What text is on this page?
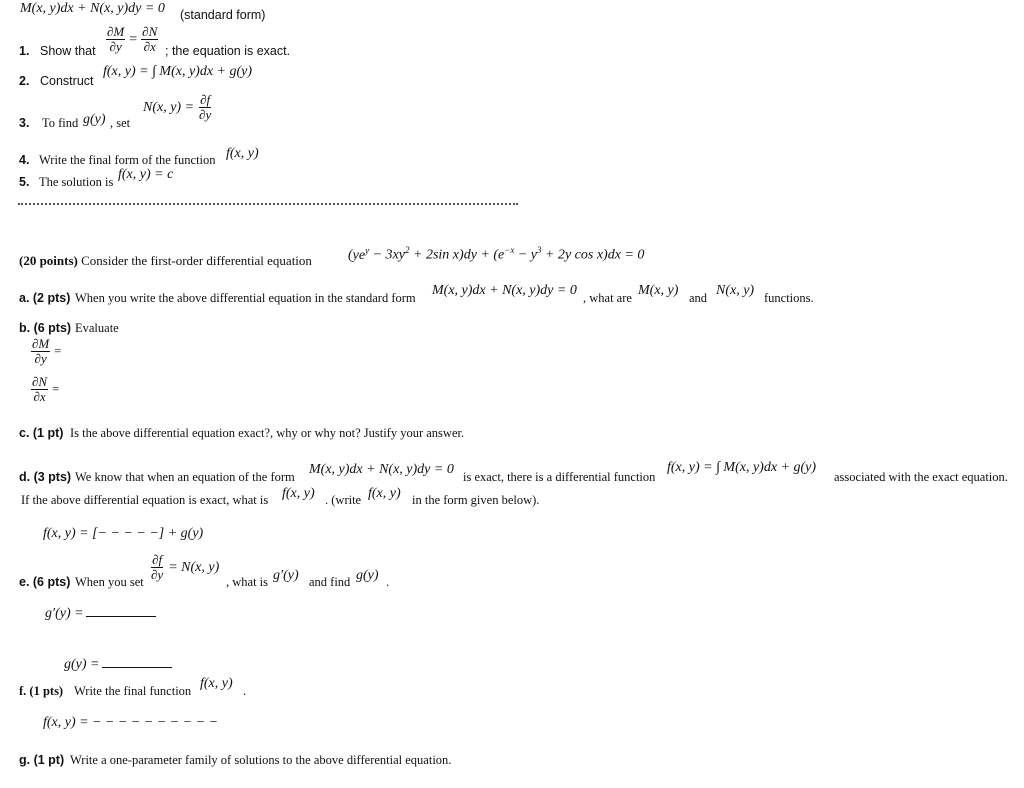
M(x, y)dx + N(x, y)dy = 0 (standard form)
1. Show that $\frac{\partial M}{\partial y} = \frac{\partial N}{\partial x}$ ; the equation is exact.
2. Construct
f(x, y) = ∫ M(x, y)dx + g(y)
3. To find g(y) , set
N(x, $y) = \frac{\partial f}{\partial y}$
4. Write the final form of the function f(x, y)
5. The solution is f(x, y) = c
(20 points) Consider the first-order differential equation	($ye^y - 3xy^2 + 2\sin$ $x)dy + (e^{-x} - y^3 + 2y$ cos x)dx = 0
a. (2 pts) When you write the above differential equation in the standard form M(x, y)dx + N(x, y)dy = 0 , what are M(x, y) and N(x, y) functions.
b. (6 pts) Evaluate
$\frac{\partial M}{\partial y}$ =
$\frac{\partial N}{\partial x}$ =
c. (1 pt) Is the above differential equation exact?, why or why not? Justify your answer.
d. (3 pts) We know that when an equation of the form M(x, y)dx + N(x, y)dy = 0 is exact, there is a differential function
f(x, y) = ∫ M(x, y)dx + g(y)
associated with the exact equation.
If the above differential equation is exact, what is f(x, y) . (write f(x, y) in the form given below).
f(x, y) = [− − − − −] + g(y)
e. (6 pts) When you set
$\frac{\partial f}{\partial y} = N(x$, y)
, what is g′(y) and find g(y) .
g′(y) =
g(y) =
f. (1 pts) Write the final function f(x, y) .
f(x, y) = − − − − − − − − − −
g. (1 pt) Write a one-parameter family of solutions to the above differential equation.
